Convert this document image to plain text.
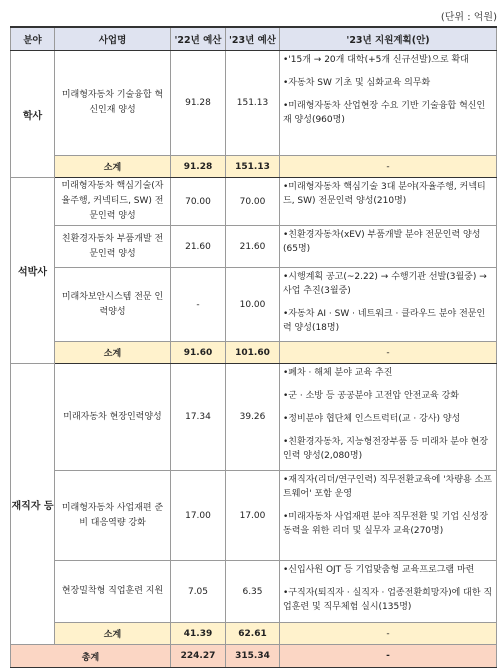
(단위 : 억원)
분야	사업명	'22년 예산	'23년 예산	'23년 지원계획(안)
학사	미래형자동차 기술융합 혁신인재 양성	91.28	151.13	•'15개 → 20개 대학(+5개 신규선발)으로 확대

•자동차 SW 기초 및 심화교육 의무화

•미래형자동차 산업현장 수요 기반 기술융합 혁신인재 양성(960명)

	소계	91.28	151.13	-
석박사	미래형자동차 핵심기술(자율주행, 커넥티드, SW) 전문인력 양성	70.00	70.00	•미래형자동차 핵심기술 3대 분야(자율주행, 커넥티드, SW) 전문인력 양성(210명)

	친환경자동차 부품개발 전문인력 양성	21.60	21.60	•친환경자동차(xEV) 부품개발 분야 전문인력 양성(65명)

	미래차보안시스템 전문 인력양성	-	10.00	•시행계획 공고(~2.22) → 수행기관 선발(3월중) → 사업 추진(3월중)

•자동차 AI · SW · 네트워크 · 클라우드 분야 전문인력 양성(18명)

	소계	91.60	101.60	-
재직자 등	미래자동차 현장인력양성	17.34	39.26	•폐차 · 해체 분야 교육 추진

•군 · 소방 등 공공분야 고전압 안전교육 강화

•정비분야 협단체 인스트럭터(교 · 강사) 양성

•친환경자동차, 지능형전장부품 등 미래차 분야 현장인력 양성(2,080명)

	미래형자동차 사업재편 준비 대응역량 강화	17.00	17.00	•재직자(리더/연구인력) 직무전환교육에 '차량용 소프트웨어' 포함 운영

•미래자동차 사업재편 분야 직무전환 및 기업 신성장 동력을 위한 리더 및 실무자 교육(270명)

	현장밀착형 직업훈련 지원	7.05	6.35	•신입사원 OJT 등 기업맞춤형 교육프로그램 마련

•구직자(퇴직자 · 실직자 · 업종전환희망자)에 대한 직업훈련 및 직무체험 실시(135명)

	소계	41.39	62.61	-
총계		224.27	315.34	-
